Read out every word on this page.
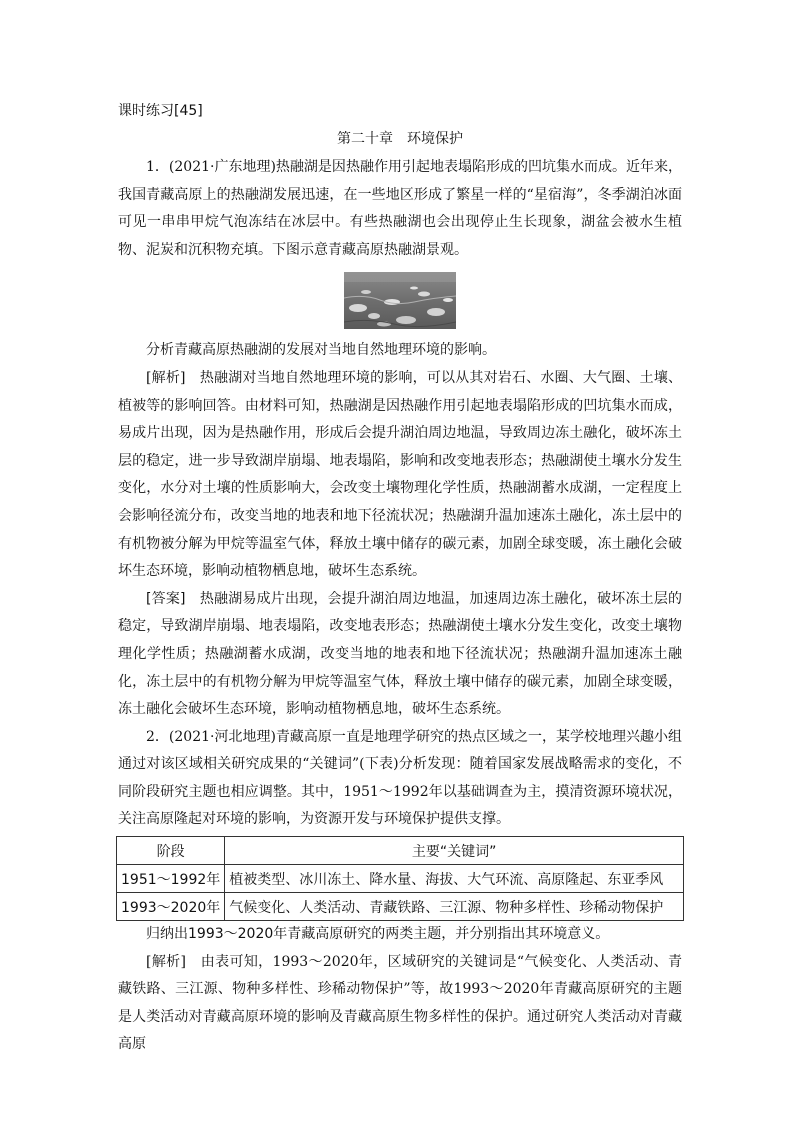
课时练习[45]
第二十章　环境保护

1．(2021·广东地理)热融湖是因热融作用引起地表塌陷形成的凹坑集水而成。近年来，我国青藏高原上的热融湖发展迅速，在一些地区形成了繁星一样的“星宿海”，冬季湖泊冰面可见一串串甲烷气泡冻结在冰层中。有些热融湖也会出现停止生长现象，湖盆会被水生植物、泥炭和沉积物充填。下图示意青藏高原热融湖景观。

分析青藏高原热融湖的发展对当地自然地理环境的影响。

[解析]　热融湖对当地自然地理环境的影响，可以从其对岩石、水圈、大气圈、土壤、植被等的影响回答。由材料可知，热融湖是因热融作用引起地表塌陷形成的凹坑集水而成，易成片出现，因为是热融作用，形成后会提升湖泊周边地温，导致周边冻土融化，破坏冻土层的稳定，进一步导致湖岸崩塌、地表塌陷，影响和改变地表形态；热融湖使土壤水分发生变化，水分对土壤的性质影响大，会改变土壤物理化学性质，热融湖蓄水成湖，一定程度上会影响径流分布，改变当地的地表和地下径流状况；热融湖升温加速冻土融化，冻土层中的有机物被分解为甲烷等温室气体，释放土壤中储存的碳元素，加剧全球变暖，冻土融化会破坏生态环境，影响动植物栖息地，破坏生态系统。

[答案]　热融湖易成片出现，会提升湖泊周边地温，加速周边冻土融化，破坏冻土层的稳定，导致湖岸崩塌、地表塌陷，改变地表形态；热融湖使土壤水分发生变化，改变土壤物理化学性质；热融湖蓄水成湖，改变当地的地表和地下径流状况；热融湖升温加速冻土融化，冻土层中的有机物分解为甲烷等温室气体，释放土壤中储存的碳元素，加剧全球变暖，冻土融化会破坏生态环境，影响动植物栖息地，破坏生态系统。

2．(2021·河北地理)青藏高原一直是地理学研究的热点区域之一，某学校地理兴趣小组通过对该区域相关研究成果的“关键词”(下表)分析发现：随着国家发展战略需求的变化，不同阶段研究主题也相应调整。其中，1951～1992年以基础调查为主，摸清资源环境状况，关注高原隆起对环境的影响，为资源开发与环境保护提供支撑。

阶段	主要“关键词”
1951～1992年	植被类型、冰川冻土、降水量、海拔、大气环流、高原隆起、东亚季风
1993～2020年	气候变化、人类活动、青藏铁路、三江源、物种多样性、珍稀动物保护

归纳出1993～2020年青藏高原研究的两类主题，并分别指出其环境意义。

[解析]　由表可知，1993～2020年，区域研究的关键词是“气候变化、人类活动、青藏铁路、三江源、物种多样性、珍稀动物保护”等，故1993～2020年青藏高原研究的主题是人类活动对青藏高原环境的影响及青藏高原生物多样性的保护。通过研究人类活动对青藏高原
